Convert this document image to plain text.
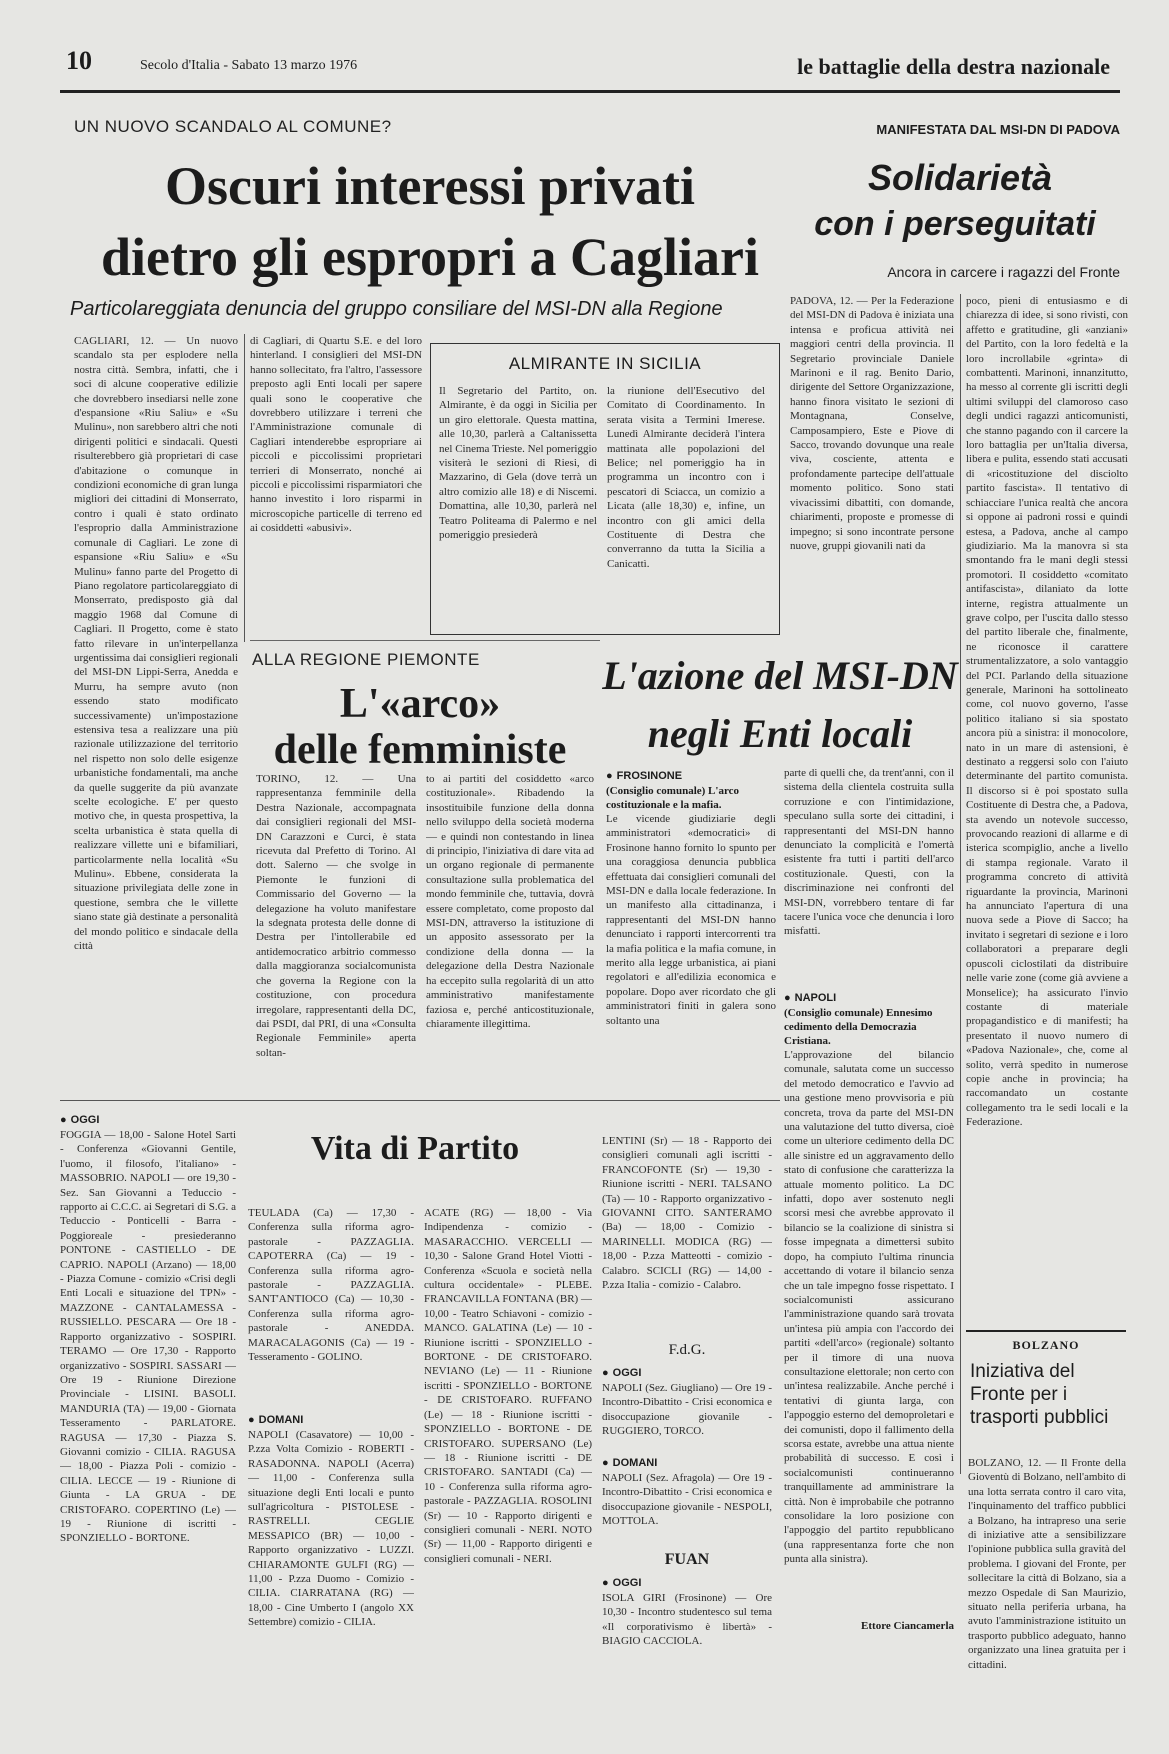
10	Secolo d'Italia - Sabato 13 marzo 1976	le battaglie della destra nazionale
UN NUOVO SCANDALO AL COMUNE?
Oscuri interessi privati
dietro gli espropri a Cagliari
Particolareggiata denuncia del gruppo consiliare del MSI-DN alla Regione
CAGLIARI, 12. — Un nuovo scandalo sta per esplodere nella nostra città. Sembra, infatti, che i soci di alcune cooperative edilizie che dovrebbero insediarsi nelle zone d'espansione «Riu Saliu» e «Su Mulinu», non sarebbero altri che noti dirigenti politici e sindacali. Questi risulterebbero già proprietari di case d'abitazione o comunque in condizioni economiche di gran lunga migliori dei cittadini di Monserrato, contro i quali è stato ordinato l'esproprio dalla Amministrazione comunale di Cagliari. Le zone di espansione «Riu Saliu» e «Su Mulinu» fanno parte del Progetto di Piano regolatore particolareggiato di Monserrato, predisposto già dal maggio 1968 dal Comune di Cagliari. Il Progetto, come è stato fatto rilevare in un'interpellanza urgentissima dai consiglieri regionali del MSI-DN Lippi-Serra, Anedda e Murru, ha sempre avuto (non essendo stato modificato successivamente) un'impostazione estensiva tesa a realizzare una più razionale utilizzazione del territorio nel rispetto non solo delle esigenze urbanistiche fondamentali, ma anche da quelle suggerite da più avanzate scelte ecologiche. E' per questo motivo che, in questa prospettiva, la scelta urbanistica è stata quella di realizzare villette uni e bifamiliari, particolarmente nella località «Su Mulinu». Ebbene, considerata la situazione privilegiata delle zone in questione, sembra che le villette siano state già destinate a personalità del mondo politico e sindacale della città
di Cagliari, di Quartu S.E. e del loro hinterland. I consiglieri del MSI-DN hanno sollecitato, fra l'altro, l'assessore preposto agli Enti locali per sapere quali sono le cooperative che dovrebbero utilizzare i terreni che l'Amministrazione comunale di Cagliari intenderebbe espropriare ai piccoli e piccolissimi proprietari terrieri di Monserrato, nonché ai piccoli e piccolissimi risparmiatori che hanno investito i loro risparmi in microscopiche particelle di terreno ed ai cosiddetti «abusivi».
ALMIRANTE IN SICILIA
Il Segretario del Partito, on. Almirante, è da oggi in Sicilia per un giro elettorale. Questa mattina, alle 10,30, parlerà a Caltanissetta nel Cinema Trieste. Nel pomeriggio visiterà le sezioni di Riesi, di Mazzarino, di Gela (dove terrà un altro comizio alle 18) e di Niscemi. Domattina, alle 10,30, parlerà nel Teatro Politeama di Palermo e nel pomeriggio presiederà
la riunione dell'Esecutivo del Comitato di Coordinamento. In serata visita a Termini Imerese. Lunedì Almirante deciderà l'intera mattinata alle popolazioni del Belice; nel pomeriggio ha in programma un incontro con i pescatori di Sciacca, un comizio a Licata (alle 18,30) e, infine, un incontro con gli amici della Costituente di Destra che converranno da tutta la Sicilia a Canicattì.
ALLA REGIONE PIEMONTE
L'«arco»
delle femministe
TORINO, 12. — Una rappresentanza femminile della Destra Nazionale, accompagnata dai consiglieri regionali del MSI-DN Carazzoni e Curci, è stata ricevuta dal Prefetto di Torino. Al dott. Salerno — che svolge in Piemonte le funzioni di Commissario del Governo — la delegazione ha voluto manifestare la sdegnata protesta delle donne di Destra per l'intollerabile ed antidemocratico arbitrio commesso dalla maggioranza socialcomunista che governa la Regione con la costituzione, con procedura irregolare, rappresentanti della DC, dai PSDI, dal PRI, di una «Consulta Regionale Femminile» aperta soltan-
to ai partiti del cosiddetto «arco costituzionale». Ribadendo la insostituibile funzione della donna nello sviluppo della società moderna — e quindi non contestando in linea di principio, l'iniziativa di dare vita ad un organo regionale di permanente consultazione sulla problematica del mondo femminile che, tuttavia, dovrà essere completato, come proposto dal MSI-DN, attraverso la istituzione di un apposito assessorato per la condizione della donna — la delegazione della Destra Nazionale ha eccepito sulla regolarità di un atto amministrativo manifestamente faziosa e, perché anticostituzionale, chiaramente illegittima.
L'azione del MSI-DN
negli Enti locali
● FROSINONE
(Consiglio comunale) L'arco costituzionale e la mafia.
Le vicende giudiziarie degli amministratori «democratici» di Frosinone hanno fornito lo spunto per una coraggiosa denuncia pubblica effettuata dai consiglieri comunali del MSI-DN e dalla locale federazione. In un manifesto alla cittadinanza, i rappresentanti del MSI-DN hanno denunciato i rapporti intercorrenti tra la mafia politica e la mafia comune, in merito alla legge urbanistica, ai piani regolatori e all'edilizia economica e popolare. Dopo aver ricordato che gli amministratori finiti in galera sono soltanto una
parte di quelli che, da trent'anni, con il sistema della clientela costruita sulla corruzione e con l'intimidazione, speculano sulla sorte dei cittadini, i rappresentanti del MSI-DN hanno denunciato la complicità e l'omertà esistente fra tutti i partiti dell'arco costituzionale. Questi, con la discriminazione nei confronti del MSI-DN, vorrebbero tentare di far tacere l'unica voce che denuncia i loro misfatti.
● NAPOLI
(Consiglio comunale) Ennesimo cedimento della Democrazia Cristiana.
L'approvazione del bilancio comunale, salutata come un successo del metodo democratico e l'avvio ad una gestione meno provvisoria e più concreta, trova da parte del MSI-DN una valutazione del tutto diversa, cioè come un ulteriore cedimento della DC alle sinistre ed un aggravamento dello stato di confusione che caratterizza la attuale momento politico. La DC infatti, dopo aver sostenuto negli scorsi mesi che avrebbe approvato il bilancio se la coalizione di sinistra si fosse impegnata a dimettersi subito dopo, ha compiuto l'ultima rinuncia accettando di votare il bilancio senza che un tale impegno fosse rispettato. I socialcomunisti assicurano l'amministrazione quando sarà trovata un'intesa più ampia con l'accordo dei partiti «dell'arco» (regionale) soltanto per il timore di una nuova consultazione elettorale; non certo con un'intesa realizzabile. Anche perché i tentativi di giunta larga, con l'appoggio esterno del demoproletari e dei comunisti, dopo il fallimento della scorsa estate, avrebbe una attua niente probabilità di successo. E così i socialcomunisti continueranno tranquillamente ad amministrare la città. Non è improbabile che potranno consolidare la loro posizione con l'appoggio del partito repubblicano (una rappresentanza forte che non punta alla sinistra).
Ettore Ciancamerla
MANIFESTATA DAL MSI-DN DI PADOVA
Solidarietà
con i perseguitati
Ancora in carcere i ragazzi del Fronte
PADOVA, 12. — Per la Federazione del MSI-DN di Padova è iniziata una intensa e proficua attività nei maggiori centri della provincia. Il Segretario provinciale Daniele Marinoni e il rag. Benito Dario, dirigente del Settore Organizzazione, hanno finora visitato le sezioni di Montagnana, Conselve, Camposampiero, Este e Piove di Sacco, trovando dovunque una reale viva, cosciente, attenta e profondamente partecipe dell'attuale momento politico. Sono stati vivacissimi dibattiti, con domande, chiarimenti, proposte e promesse di impegno; si sono incontrate persone nuove, gruppi giovanili nati da
poco, pieni di entusiasmo e di chiarezza di idee, si sono rivisti, con affetto e gratitudine, gli «anziani» del Partito, con la loro fedeltà e la loro incrollabile «grinta» di combattenti. Marinoni, innanzitutto, ha messo al corrente gli iscritti degli ultimi sviluppi del clamoroso caso degli undici ragazzi anticomunisti, che stanno pagando con il carcere la loro battaglia per un'Italia diversa, libera e pulita, essendo stati accusati di «ricostituzione del disciolto partito fascista». Il tentativo di schiacciare l'unica realtà che ancora si oppone ai padroni rossi e quindi estesa, a Padova, anche al campo giudiziario. Ma la manovra si sta smontando fra le mani degli stessi promotori. Il cosiddetto «comitato antifascista», dilaniato da lotte interne, registra attualmente un grave colpo, per l'uscita dallo stesso del partito liberale che, finalmente, ne riconosce il carattere strumentalizzatore, a solo vantaggio del PCI. Parlando della situazione generale, Marinoni ha sottolineato come, col nuovo governo, l'asse politico italiano si sia spostato ancora più a sinistra: il monocolore, nato in un mare di astensioni, è destinato a reggersi solo con l'aiuto determinante del partito comunista. Il discorso si è poi spostato sulla Costituente di Destra che, a Padova, sta avendo un notevole successo, provocando reazioni di allarme e di isterica scompiglio, anche a livello di stampa regionale. Varato il programma concreto di attività riguardante la provincia, Marinoni ha annunciato l'apertura di una nuova sede a Piove di Sacco; ha invitato i segretari di sezione e i loro collaboratori a preparare degli opuscoli ciclostilati da distribuire nelle varie zone (come già avviene a Monselice); ha assicurato l'invio costante di materiale propagandistico e di manifesti; ha presentato il nuovo numero di «Padova Nazionale», che, come al solito, verrà spedito in numerose copie anche in provincia; ha raccomandato un costante collegamento tra le sedi locali e la Federazione.
BOLZANO
Iniziativa del Fronte per i trasporti pubblici
BOLZANO, 12. — Il Fronte della Gioventù di Bolzano, nell'ambito di una lotta serrata contro il caro vita, l'inquinamento del traffico pubblici a Bolzano, ha intrapreso una serie di iniziative atte a sensibilizzare l'opinione pubblica sulla gravità del problema. I giovani del Fronte, per sollecitare la città di Bolzano, sia a mezzo Ospedale di San Maurizio, situato nella periferia urbana, ha avuto l'amministrazione istituito un trasporto pubblico adeguato, hanno organizzato una linea gratuita per i cittadini.
● OGGI
FOGGIA — 18,00 - Salone Hotel Sarti - Conferenza «Giovanni Gentile, l'uomo, il filosofo, l'italiano» - MASSOBRIO. NAPOLI — ore 19,30 - Sez. San Giovanni a Teduccio - rapporto ai C.C.C. ai Segretari di S.G. a Teduccio - Ponticelli - Barra - Poggioreale - presiederanno PONTONE - CASTIELLO - DE CAPRIO. NAPOLI (Arzano) — 18,00 - Piazza Comune - comizio «Crisi degli Enti Locali e situazione del TPN» - MAZZONE - CANTALAMESSA - RUSSIELLO. PESCARA — Ore 18 - Rapporto organizzativo - SOSPIRI. TERAMO — Ore 17,30 - Rapporto organizzativo - SOSPIRI. SASSARI — Ore 19 - Riunione Direzione Provinciale - LISINI. BASOLI. MANDURIA (TA) — 19,00 - Giornata Tesseramento - PARLATORE. RAGUSA — 17,30 - Piazza S. Giovanni comizio - CILIA. RAGUSA — 18,00 - Piazza Poli - comizio - CILIA. LECCE — 19 - Riunione di Giunta - LA GRUA - DE CRISTOFARO. COPERTINO (Le) — 19 - Riunione di iscritti - SPONZIELLO - BORTONE.
Vita di Partito
TEULADA (Ca) — 17,30 - Conferenza sulla riforma agro-pastorale - PAZZAGLIA. CAPOTERRA (Ca) — 19 - Conferenza sulla riforma agro-pastorale - PAZZAGLIA. SANT'ANTIOCO (Ca) — 10,30 - Conferenza sulla riforma agro-pastorale - ANEDDA. MARACALAGONIS (Ca) — 19 - Tesseramento - GOLINO.
● DOMANI
NAPOLI (Casavatore) — 10,00 - P.zza Volta Comizio - ROBERTI - RASADONNA. NAPOLI (Acerra) — 11,00 - Conferenza sulla situazione degli Enti locali e punto sull'agricoltura - PISTOLESE - RASTRELLI. CEGLIE MESSAPICO (BR) — 10,00 - Rapporto organizzativo - LUZZI. CHIARAMONTE GULFI (RG) — 11,00 - P.zza Duomo - Comizio - CILIA. CIARRATANA (RG) — 18,00 - Cine Umberto I (angolo XX Settembre) comizio - CILIA.
ACATE (RG) — 18,00 - Via Indipendenza - comizio - MASARACCHIO. VERCELLI — 10,30 - Salone Grand Hotel Viotti - Conferenza «Scuola e società nella cultura occidentale» - PLEBE. FRANCAVILLA FONTANA (BR) — 10,00 - Teatro Schiavoni - comizio - MANCO. GALATINA (Le) — 10 - Riunione iscritti - SPONZIELLO - BORTONE - DE CRISTOFARO. NEVIANO (Le) — 11 - Riunione iscritti - SPONZIELLO - BORTONE - DE CRISTOFARO. RUFFANO (Le) — 18 - Riunione iscritti - SPONZIELLO - BORTONE - DE CRISTOFARO. SUPERSANO (Le) — 18 - Riunione iscritti - DE CRISTOFARO. SANTADI (Ca) — 10 - Conferenza sulla riforma agro-pastorale - PAZZAGLIA. ROSOLINI (Sr) — 10 - Rapporto dirigenti e consiglieri comunali - NERI. NOTO (Sr) — 11,00 - Rapporto dirigenti e consiglieri comunali - NERI.
LENTINI (Sr) — 18 - Rapporto dei consiglieri comunali agli iscritti - FRANCOFONTE (Sr) — 19,30 - Riunione iscritti - NERI. TALSANO (Ta) — 10 - Rapporto organizzativo - GIOVANNI CITO. SANTERAMO (Ba) — 18,00 - Comizio - MARINELLI. MODICA (RG) — 18,00 - P.zza Matteotti - comizio - Calabro. SCICLI (RG) — 14,00 - P.zza Italia - comizio - Calabro.
F.d.G.
● OGGI
NAPOLI (Sez. Giugliano) — Ore 19 - Incontro-Dibattito - Crisi economica e disoccupazione giovanile - RUGGIERO, TORCO.
● DOMANI
NAPOLI (Sez. Afragola) — Ore 19 - Incontro-Dibattito - Crisi economica e disoccupazione giovanile - NESPOLI, MOTTOLA.
FUAN
● OGGI
ISOLA GIRI (Frosinone) — Ore 10,30 - Incontro studentesco sul tema «Il corporativismo è libertà» - BIAGIO CACCIOLA.
